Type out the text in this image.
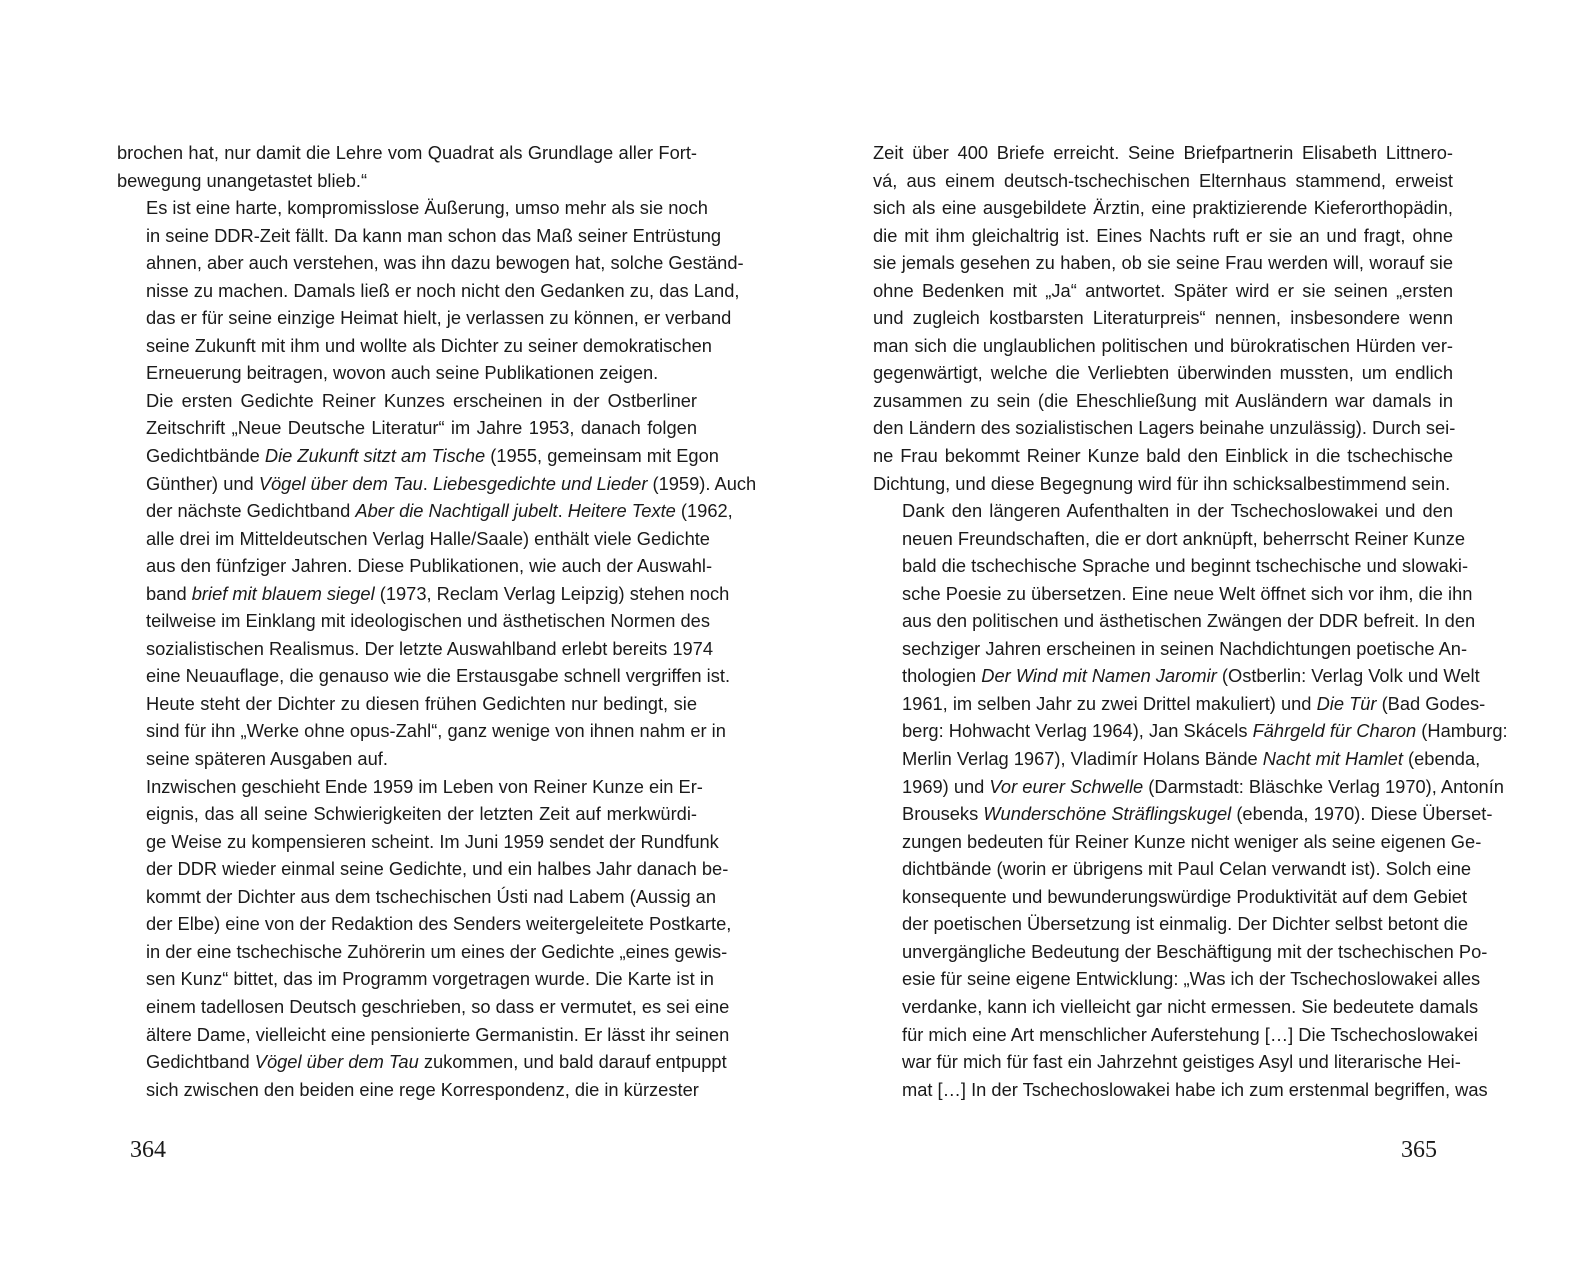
brochen hat, nur damit die Lehre vom Quadrat als Grundlage aller Fort-
bewegung unangetastet blieb.“
Es ist eine harte, kompromisslose Äußerung, umso mehr als sie noch
in seine DDR-Zeit fällt. Da kann man schon das Maß seiner Entrüstung
ahnen, aber auch verstehen, was ihn dazu bewogen hat, solche Geständ-
nisse zu machen. Damals ließ er noch nicht den Gedanken zu, das Land,
das er für seine einzige Heimat hielt, je verlassen zu können, er verband
seine Zukunft mit ihm und wollte als Dichter zu seiner demokratischen
Erneuerung beitragen, wovon auch seine Publikationen zeigen.
Die ersten Gedichte Reiner Kunzes erscheinen in der Ostberliner
Zeitschrift „Neue Deutsche Literatur“ im Jahre 1953, danach folgen
Gedichtbände Die Zukunft sitzt am Tische (1955, gemeinsam mit Egon
Günther) und Vögel über dem Tau. Liebesgedichte und Lieder (1959). Auch
der nächste Gedichtband Aber die Nachtigall jubelt. Heitere Texte (1962,
alle drei im Mitteldeutschen Verlag Halle/Saale) enthält viele Gedichte
aus den fünfziger Jahren. Diese Publikationen, wie auch der Auswahl-
band brief mit blauem siegel (1973, Reclam Verlag Leipzig) stehen noch
teilweise im Einklang mit ideologischen und ästhetischen Normen des
sozialistischen Realismus. Der letzte Auswahlband erlebt bereits 1974
eine Neuauflage, die genauso wie die Erstausgabe schnell vergriffen ist.
Heute steht der Dichter zu diesen frühen Gedichten nur bedingt, sie
sind für ihn „Werke ohne opus-Zahl“, ganz wenige von ihnen nahm er in
seine späteren Ausgaben auf.
Inzwischen geschieht Ende 1959 im Leben von Reiner Kunze ein Er-
eignis, das all seine Schwierigkeiten der letzten Zeit auf merkwürdi-
ge Weise zu kompensieren scheint. Im Juni 1959 sendet der Rundfunk
der DDR wieder einmal seine Gedichte, und ein halbes Jahr danach be-
kommt der Dichter aus dem tschechischen Ústi nad Labem (Aussig an
der Elbe) eine von der Redaktion des Senders weitergeleitete Postkarte,
in der eine tschechische Zuhörerin um eines der Gedichte „eines gewis-
sen Kunz“ bittet, das im Programm vorgetragen wurde. Die Karte ist in
einem tadellosen Deutsch geschrieben, so dass er vermutet, es sei eine
ältere Dame, vielleicht eine pensionierte Germanistin. Er lässt ihr seinen
Gedichtband Vögel über dem Tau zukommen, und bald darauf entpuppt
sich zwischen den beiden eine rege Korrespondenz, die in kürzester
364
Zeit über 400 Briefe erreicht. Seine Briefpartnerin Elisabeth Littnero-
vá, aus einem deutsch-tschechischen Elternhaus stammend, erweist
sich als eine ausgebildete Ärztin, eine praktizierende Kieferorthopädin,
die mit ihm gleichaltrig ist. Eines Nachts ruft er sie an und fragt, ohne
sie jemals gesehen zu haben, ob sie seine Frau werden will, worauf sie
ohne Bedenken mit „Ja“ antwortet. Später wird er sie seinen „ersten
und zugleich kostbarsten Literaturpreis“ nennen, insbesondere wenn
man sich die unglaublichen politischen und bürokratischen Hürden ver-
gegenwärtigt, welche die Verliebten überwinden mussten, um endlich
zusammen zu sein (die Eheschließung mit Ausländern war damals in
den Ländern des sozialistischen Lagers beinahe unzulässig). Durch sei-
ne Frau bekommt Reiner Kunze bald den Einblick in die tschechische
Dichtung, und diese Begegnung wird für ihn schicksalbestimmend sein.
Dank den längeren Aufenthalten in der Tschechoslowakei und den
neuen Freundschaften, die er dort anknüpft, beherrscht Reiner Kunze
bald die tschechische Sprache und beginnt tschechische und slowaki-
sche Poesie zu übersetzen. Eine neue Welt öffnet sich vor ihm, die ihn
aus den politischen und ästhetischen Zwängen der DDR befreit. In den
sechziger Jahren erscheinen in seinen Nachdichtungen poetische An-
thologien Der Wind mit Namen Jaromir (Ostberlin: Verlag Volk und Welt
1961, im selben Jahr zu zwei Drittel makuliert) und Die Tür (Bad Godes-
berg: Hohwacht Verlag 1964), Jan Skácels Fährgeld für Charon (Hamburg:
Merlin Verlag 1967), Vladimír Holans Bände Nacht mit Hamlet (ebenda,
1969) und Vor eurer Schwelle (Darmstadt: Bläschke Verlag 1970), Antonín
Brouseks Wunderschöne Sträflingskugel (ebenda, 1970). Diese Überset-
zungen bedeuten für Reiner Kunze nicht weniger als seine eigenen Ge-
dichtbände (worin er übrigens mit Paul Celan verwandt ist). Solch eine
konsequente und bewunderungswürdige Produktivität auf dem Gebiet
der poetischen Übersetzung ist einmalig. Der Dichter selbst betont die
unvergängliche Bedeutung der Beschäftigung mit der tschechischen Po-
esie für seine eigene Entwicklung: „Was ich der Tschechoslowakei alles
verdanke, kann ich vielleicht gar nicht ermessen. Sie bedeutete damals
für mich eine Art menschlicher Auferstehung […] Die Tschechoslowakei
war für mich für fast ein Jahrzehnt geistiges Asyl und literarische Hei-
mat […] In der Tschechoslowakei habe ich zum erstenmal begriffen, was
365
